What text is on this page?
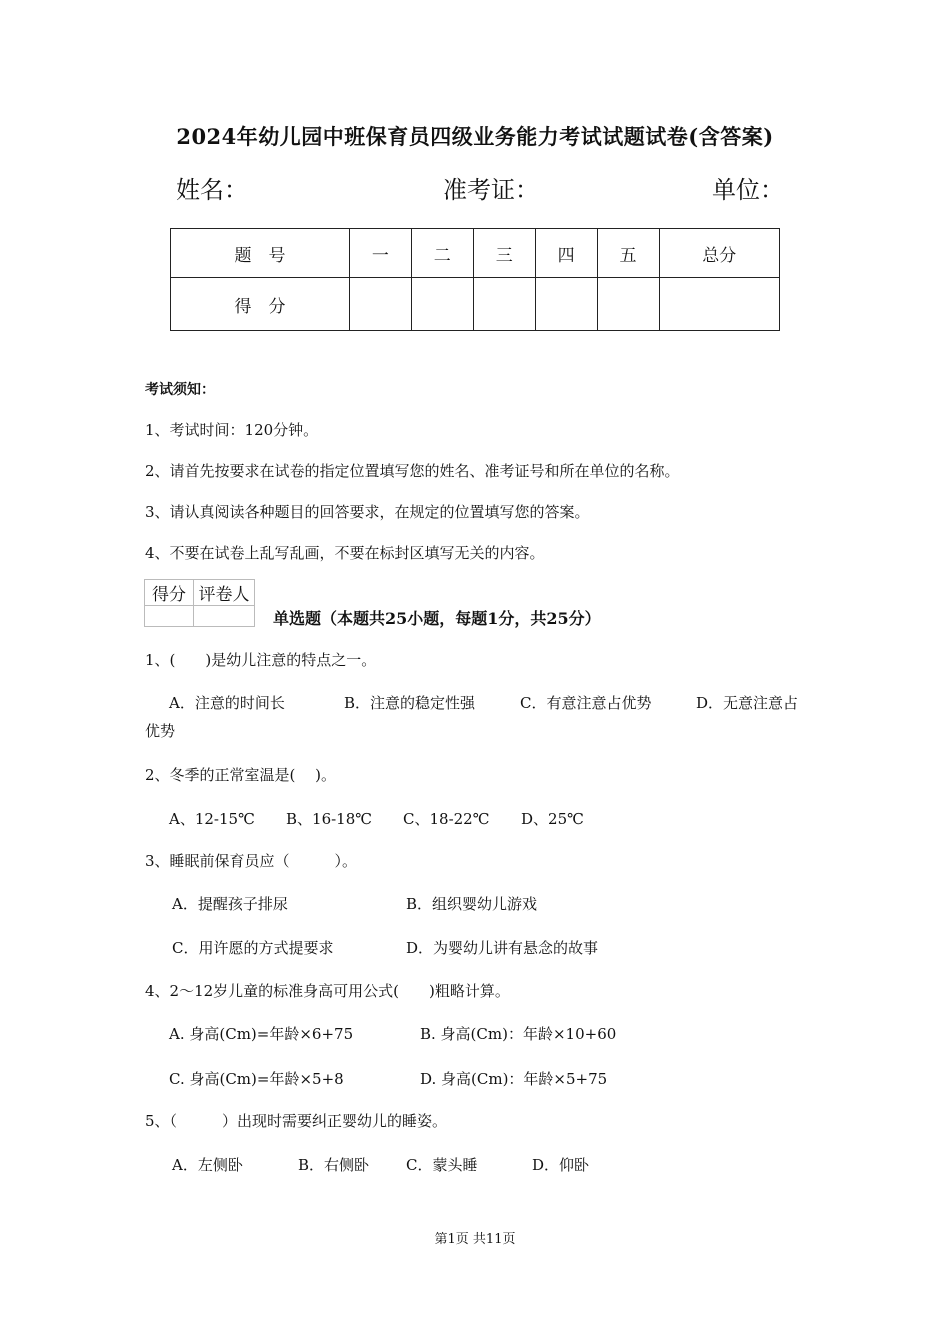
2024年幼儿园中班保育员四级业务能力考试试题试卷(含答案)
姓名：	准考证：	单位：
题　号	一	二	三	四	五	总分
得　分						
考试须知：
1、考试时间：120分钟。
2、请首先按要求在试卷的指定位置填写您的姓名、准考证号和所在单位的名称。
3、请认真阅读各种题目的回答要求，在规定的位置填写您的答案。
4、不要在试卷上乱写乱画，不要在标封区填写无关的内容。
得分	评卷人

单选题（本题共25小题，每题1分，共25分）
1、(　　)是幼儿注意的特点之一。
A．注意的时间长	B．注意的稳定性强	C．有意注意占优势	D．无意注意占
优势
2、冬季的正常室温是(　 )。
A、12-15℃ B、16-18℃ C、18-22℃ D、25℃
3、睡眠前保育员应（　　　）。
A．提醒孩子排尿	B．组织婴幼儿游戏
C．用许愿的方式提要求	D．为婴幼儿讲有悬念的故事
4、2～12岁儿童的标准身高可用公式(　　)粗略计算。
A. 身高(Cm)=年龄×6+75	B. 身高(Cm)：年龄×10+60
C. 身高(Cm)=年龄×5+8	D. 身高(Cm)：年龄×5+75
5、（　　　）出现时需要纠正婴幼儿的睡姿。
A．左侧卧	B．右侧卧 C．蒙头睡	D．仰卧
第1页 共11页
